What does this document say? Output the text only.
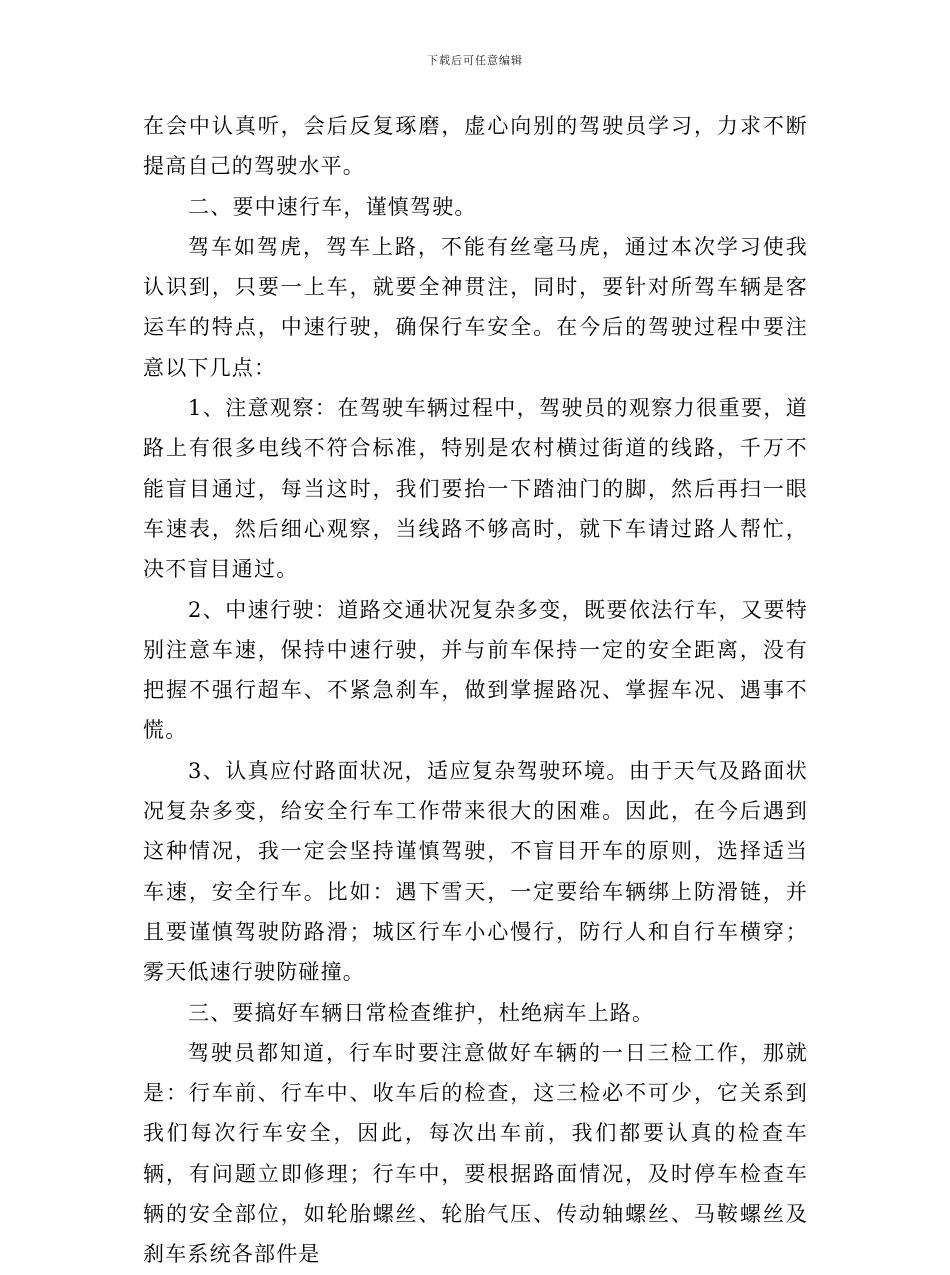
下载后可任意编辑

在会中认真听，会后反复琢磨，虚心向别的驾驶员学习，力求不断提高自己的驾驶水平。

二、要中速行车，谨慎驾驶。

驾车如驾虎，驾车上路，不能有丝毫马虎，通过本次学习使我认识到，只要一上车，就要全神贯注，同时，要针对所驾车辆是客运车的特点，中速行驶，确保行车安全。在今后的驾驶过程中要注意以下几点：

1、注意观察：在驾驶车辆过程中，驾驶员的观察力很重要，道路上有很多电线不符合标准，特别是农村横过街道的线路，千万不能盲目通过，每当这时，我们要抬一下踏油门的脚，然后再扫一眼车速表，然后细心观察，当线路不够高时，就下车请过路人帮忙，决不盲目通过。

2、中速行驶：道路交通状况复杂多变，既要依法行车，又要特别注意车速，保持中速行驶，并与前车保持一定的安全距离，没有把握不强行超车、不紧急刹车，做到掌握路况、掌握车况、遇事不慌。

3、认真应付路面状况，适应复杂驾驶环境。由于天气及路面状况复杂多变，给安全行车工作带来很大的困难。因此，在今后遇到这种情况，我一定会坚持谨慎驾驶，不盲目开车的原则，选择适当车速，安全行车。比如：遇下雪天，一定要给车辆绑上防滑链，并且要谨慎驾驶防路滑；城区行车小心慢行，防行人和自行车横穿；雾天低速行驶防碰撞。

三、要搞好车辆日常检查维护，杜绝病车上路。

驾驶员都知道，行车时要注意做好车辆的一日三检工作，那就是：行车前、行车中、收车后的检查，这三检必不可少，它关系到我们每次行车安全，因此，每次出车前，我们都要认真的检查车辆，有问题立即修理；行车中，要根据路面情况，及时停车检查车辆的安全部位，如轮胎螺丝、轮胎气压、传动轴螺丝、马鞍螺丝及刹车系统各部件是
